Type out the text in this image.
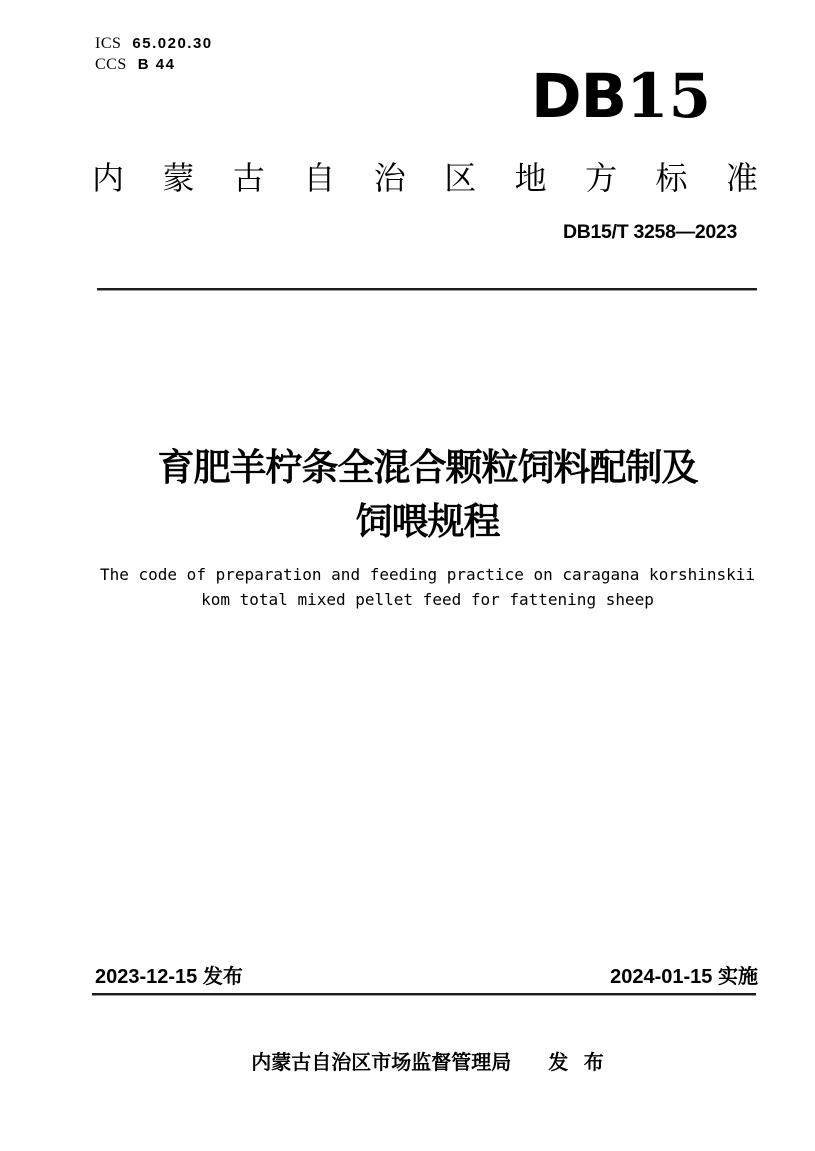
ICS 65.020.30
CCS B 44	DB15
内蒙古自治区地方标准
DB15/T 3258—2023
育肥羊柠条全混合颗粒饲料配制及
饲喂规程
The code of preparation and feeding practice on caragana korshinskii
kom total mixed pellet feed for fattening sheep
2023-12-15 发布	2024-01-15 实施
内蒙古自治区市场监督管理局 发 布
